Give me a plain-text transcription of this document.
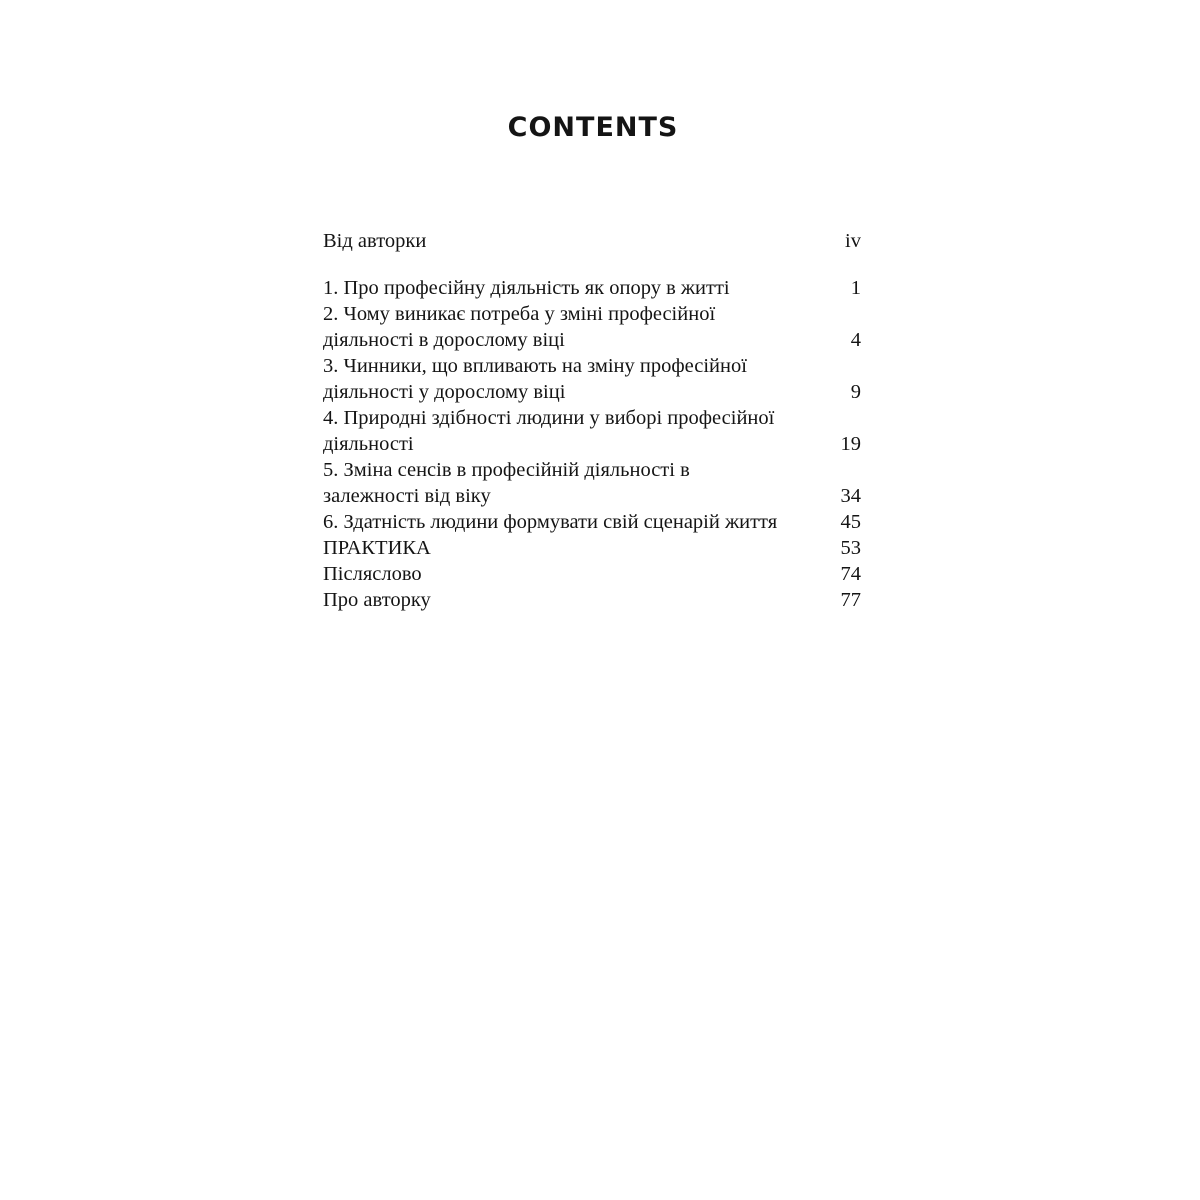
CONTENTS
Від авторки	iv
1. Про професійну діяльність як опору в житті	1
2. Чому виникає потреба у зміні професійної діяльності в дорослому віці	4
3. Чинники, що впливають на зміну професійної діяльності у дорослому віці	9
4. Природні здібності людини у виборі професійної діяльності	19
5. Зміна сенсів в професійній діяльності в залежності від віку	34
6. Здатність людини формувати свій сценарій життя	45
ПРАКТИКА	53
Післяслово	74
Про авторку	77
